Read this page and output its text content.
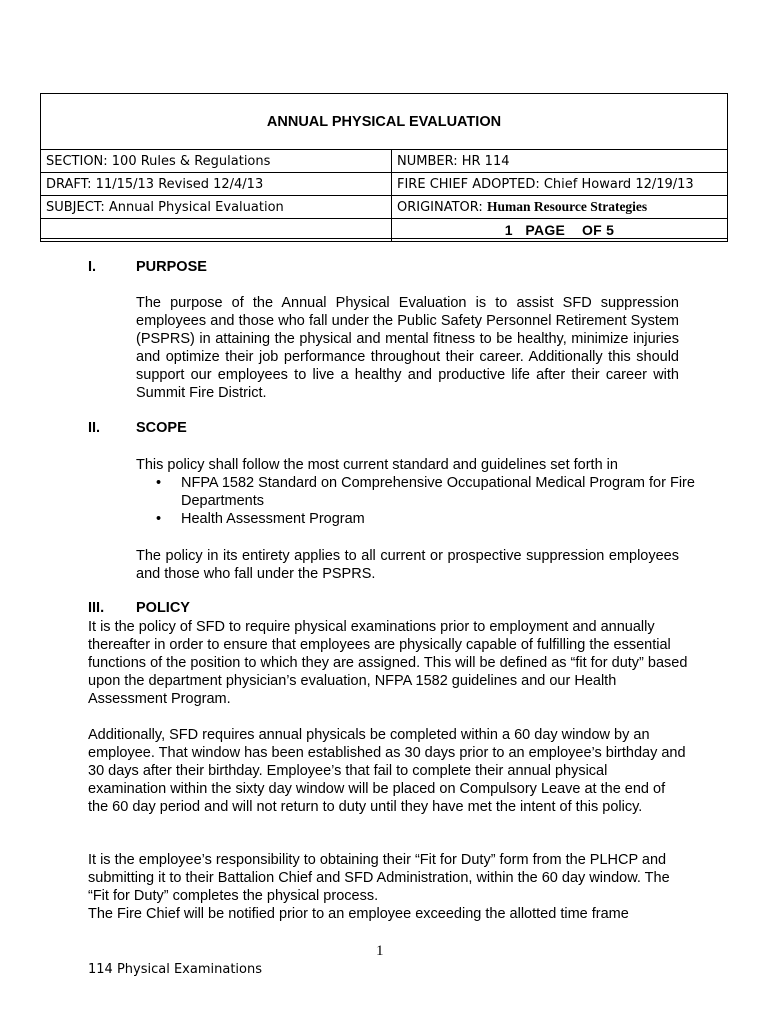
ANNUAL PHYSICAL EVALUATION
SECTION: 100 Rules & Regulations	NUMBER: HR 114
DRAFT: 11/15/13 Revised 12/4/13	FIRE CHIEF ADOPTED: Chief Howard 12/19/13
SUBJECT: Annual Physical Evaluation	ORIGINATOR: Human Resource Strategies
	1   PAGE    OF 5
I.	PURPOSE

The purpose of the Annual Physical Evaluation is to assist SFD suppression employees and those who fall under the Public Safety Personnel Retirement System (PSPRS) in attaining the physical and mental fitness to be healthy, minimize injuries and optimize their job performance throughout their career. Additionally this should support our employees to live a healthy and productive life after their career with Summit Fire District.

II. SCOPE

This policy shall follow the most current standard and guidelines set forth in

• NFPA 1582 Standard on Comprehensive Occupational Medical Program for Fire Departments
• Health Assessment Program

The policy in its entirety applies to all current or prospective suppression employees and those who fall under the PSPRS.

III. POLICY

It is the policy of SFD to require physical examinations prior to employment and annually thereafter in order to ensure that employees are physically capable of fulfilling the essential functions of the position to which they are assigned. This will be defined as “fit for duty” based upon the department physician’s evaluation, NFPA 1582 guidelines and our Health Assessment Program.

Additionally, SFD requires annual physicals be completed within a 60 day window by an employee. That window has been established as 30 days prior to an employee’s birthday and 30 days after their birthday. Employee’s that fail to complete their annual physical examination within the sixty day window will be placed on Compulsory Leave at the end of the 60 day period and will not return to duty until they have met the intent of this policy.

It is the employee’s responsibility to obtaining their “Fit for Duty” form from the PLHCP and submitting it to their Battalion Chief and SFD Administration, within the 60 day window. The “Fit for Duty” completes the physical process.

The Fire Chief will be notified prior to an employee exceeding the allotted time frame

1
114 Physical Examinations
